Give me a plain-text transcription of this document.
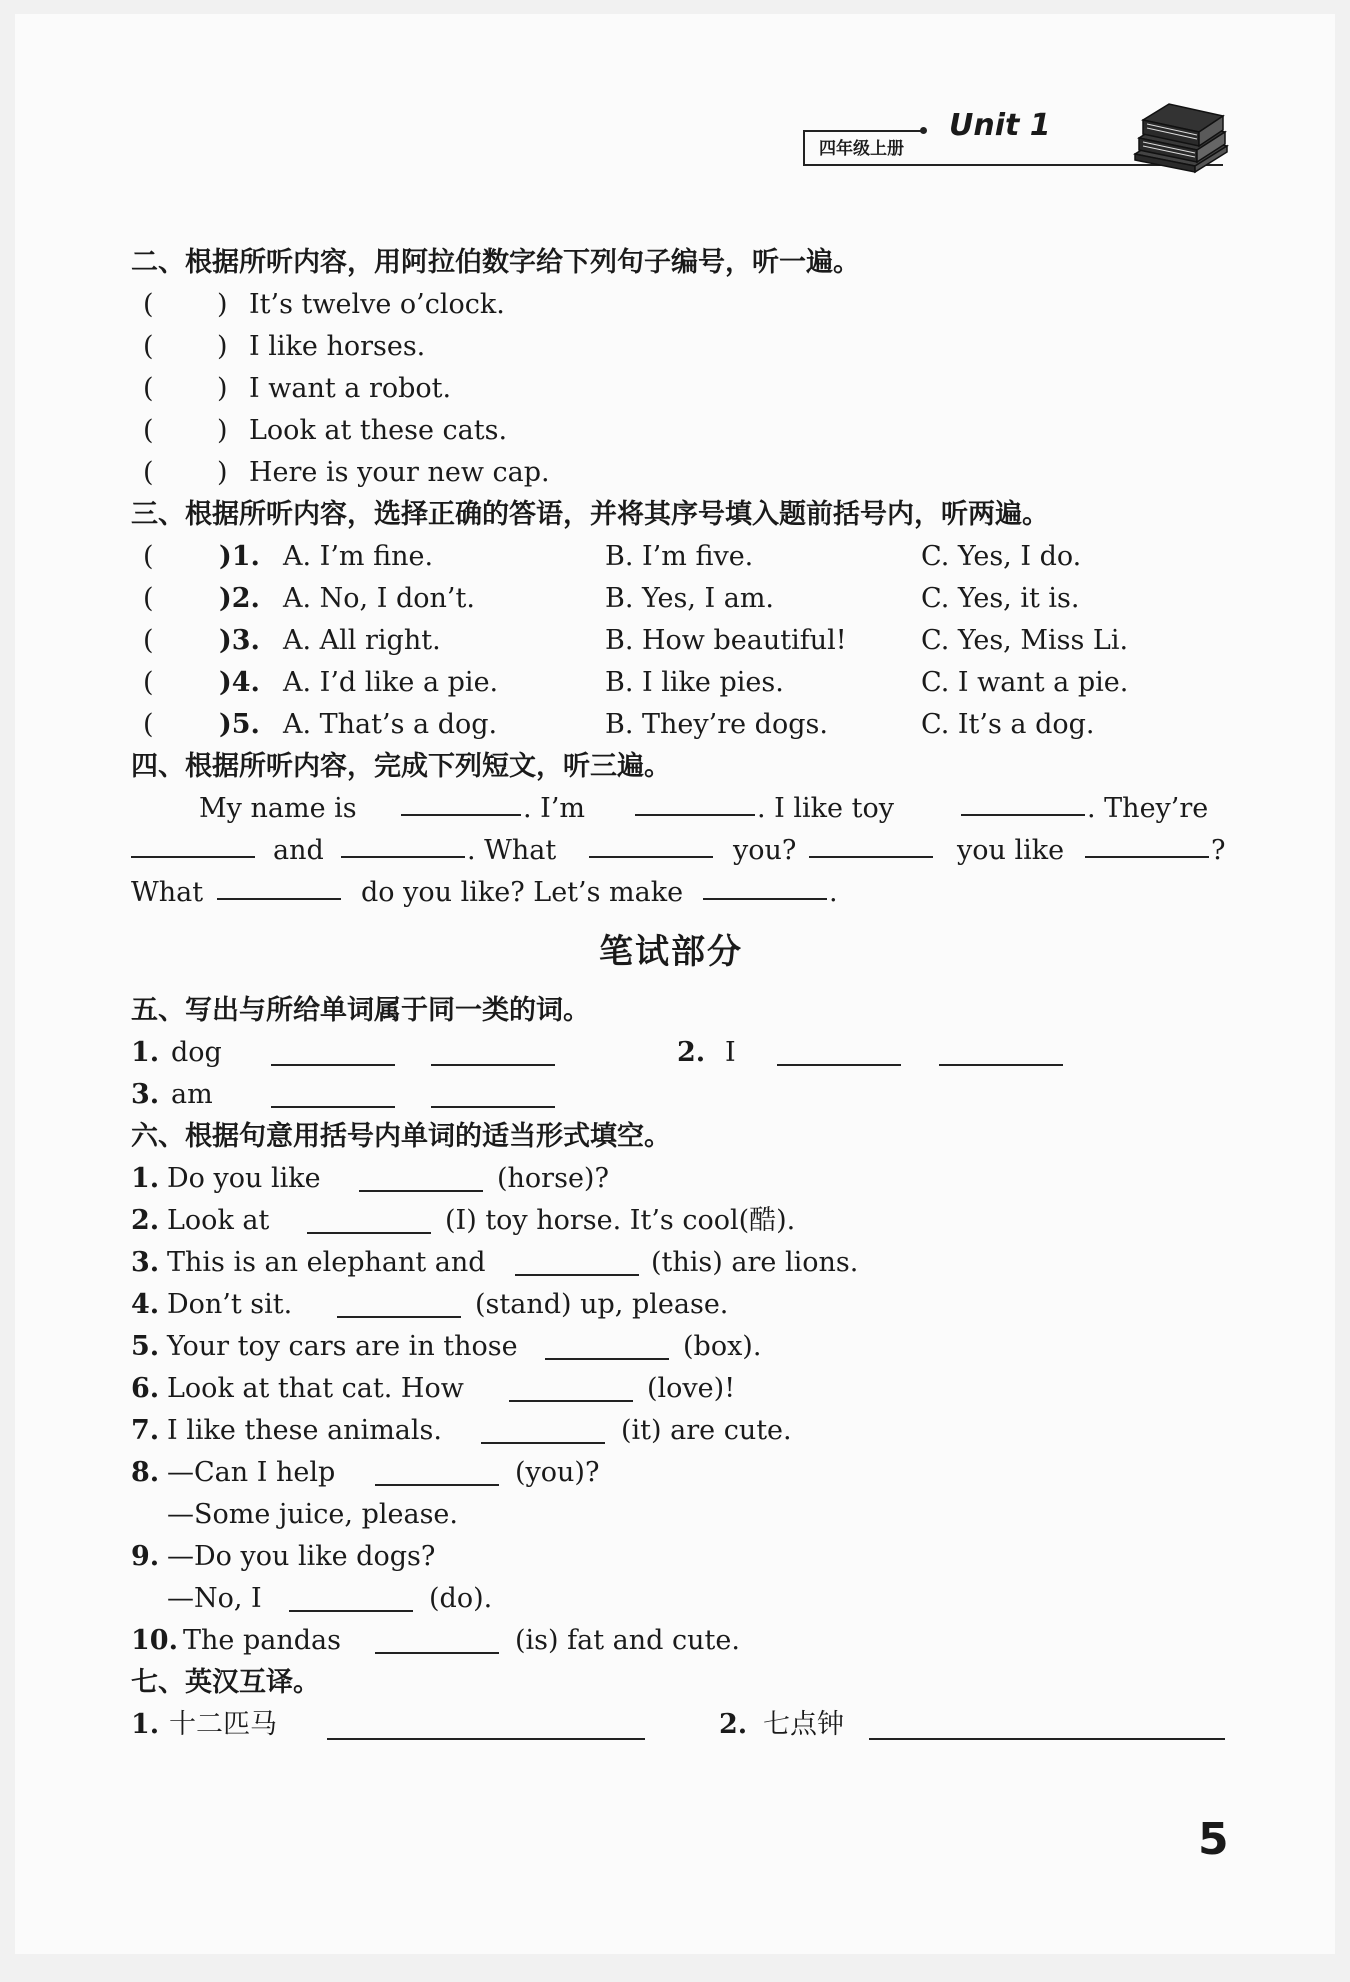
四年级上册
Unit 1
二、根据所听内容，用阿拉伯数字给下列句子编号，听一遍。
( ) It’s twelve o’clock.
( ) I like horses.
( ) I want a robot.
( ) Look at these cats.
( ) Here is your new cap.
三、根据所听内容，选择正确的答语，并将其序号填入题前括号内，听两遍。
( )1. A. I’m fine.	B. I’m five.	C. Yes, I do.
( )2. A. No, I don’t.	B. Yes, I am.	C. Yes, it is.
( )3. A. All right.	B. How beautiful!	C. Yes, Miss Li.
( )4. A. I’d like a pie.	B. I like pies.	C. I want a pie.
( )5. A. That’s a dog.	B. They’re dogs.	C. It’s a dog.
四、根据所听内容，完成下列短文，听三遍。
My name is	. I’m	. I like toy	. They’re
and	. What	you?	you like	?
What	do you like? Let’s make	.
笔试部分
五、写出与所给单词属于同一类的词。
1. dog	2. I
3. am
六、根据句意用括号内单词的适当形式填空。
1. Do you like	(horse)?
2. Look at	(I) toy horse. It’s cool(酷).
3. This is an elephant and	(this) are lions.
4. Don’t sit.	(stand) up, please.
5. Your toy cars are in those	(box).
6. Look at that cat. How	(love)!
7. I like these animals.	(it) are cute.
8. —Can I help	(you)?
—Some juice, please.
9. —Do you like dogs?
—No, I	(do).
10. The pandas	(is) fat and cute.
七、英汉互译。
1. 十二匹马	2. 七点钟
5
